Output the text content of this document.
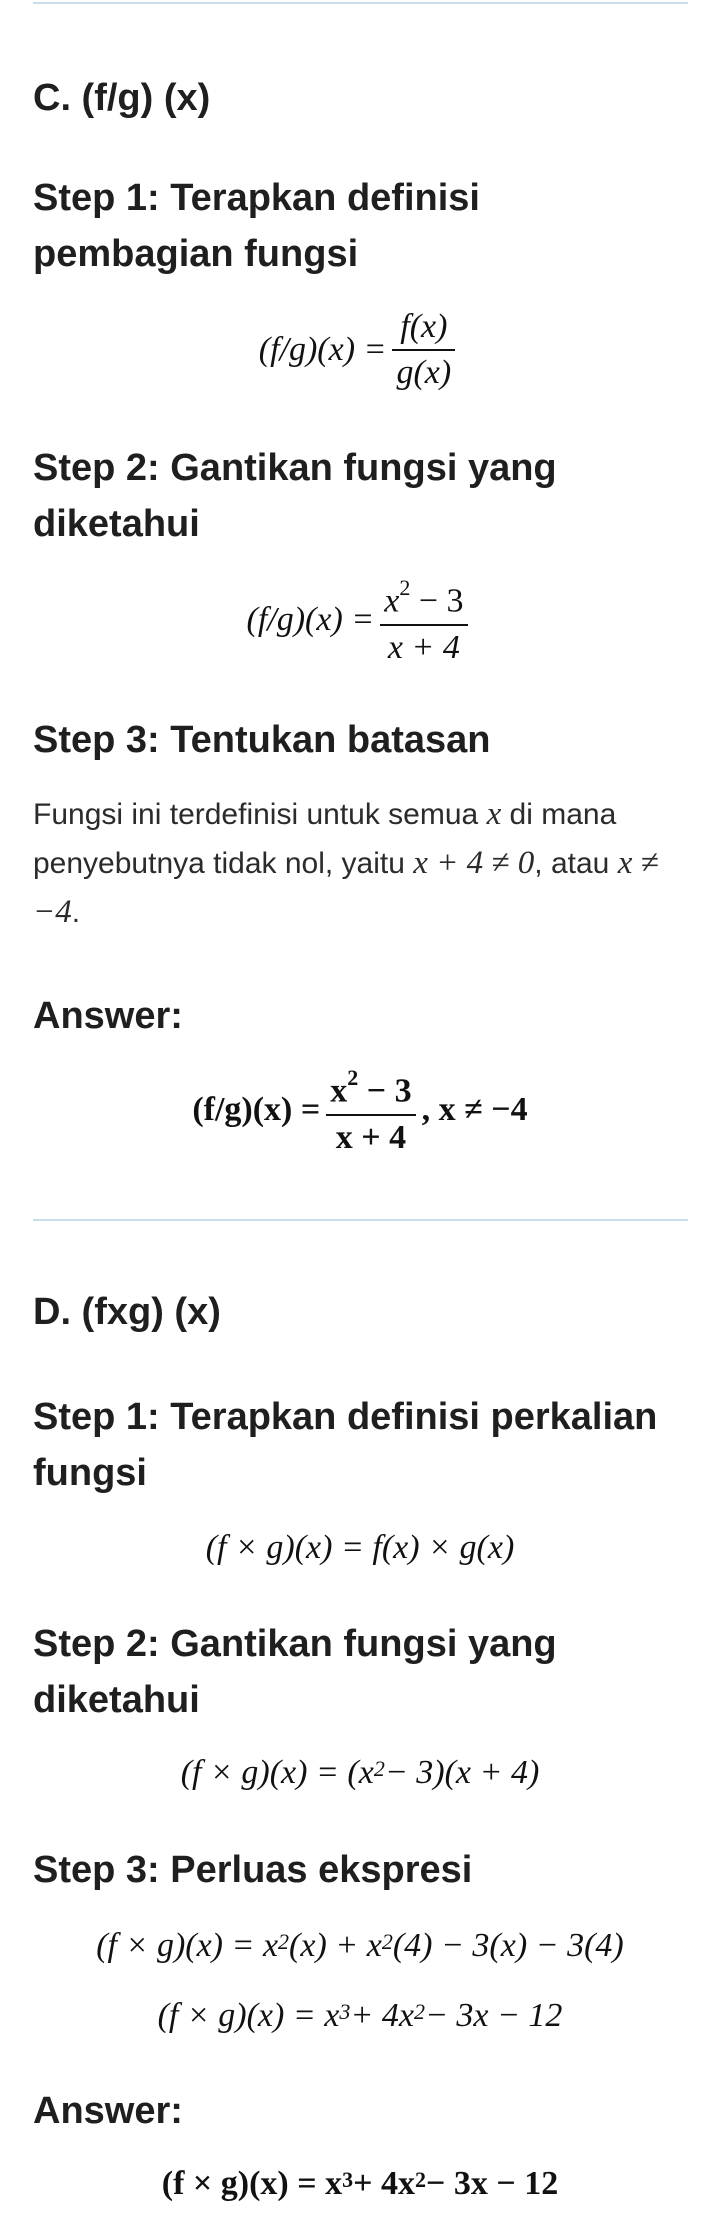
C. (f/g) (x)
Step 1: Terapkan definisi pembagian fungsi
$(f/g)(x) = \frac{f(x)}{g(x)}$
Step 2: Gantikan fungsi yang diketahui
$(f/g)(x) = \frac{x^2 - 3}{x + 4}$
Step 3: Tentukan batasan
Fungsi ini terdefinisi untuk semua x di mana penyebutnya tidak nol, yaitu x + 4 ≠ 0, atau x ≠ −4.
Answer:
$(f/g)(x) = \frac{x^2 - 3}{x + 4}$ , x ≠ −4
D. (fxg) (x)
Step 1: Terapkan definisi perkalian fungsi
(f × g)(x) = f(x) × g(x)
Step 2: Gantikan fungsi yang diketahui
$(f \times g)(x) = (x^2 - 3)(x + 4)$
Step 3: Perluas ekspresi
$(f \times g)(x) = x^2$ $(x) + x^2$ (4) − 3(x) − 3(4)
$(f \times g)(x) = x^3 + 4x^2 - 3x - 12$
Answer:
$(f \times g)(x) = x^3 + 4x^2 - 3x - 12$
